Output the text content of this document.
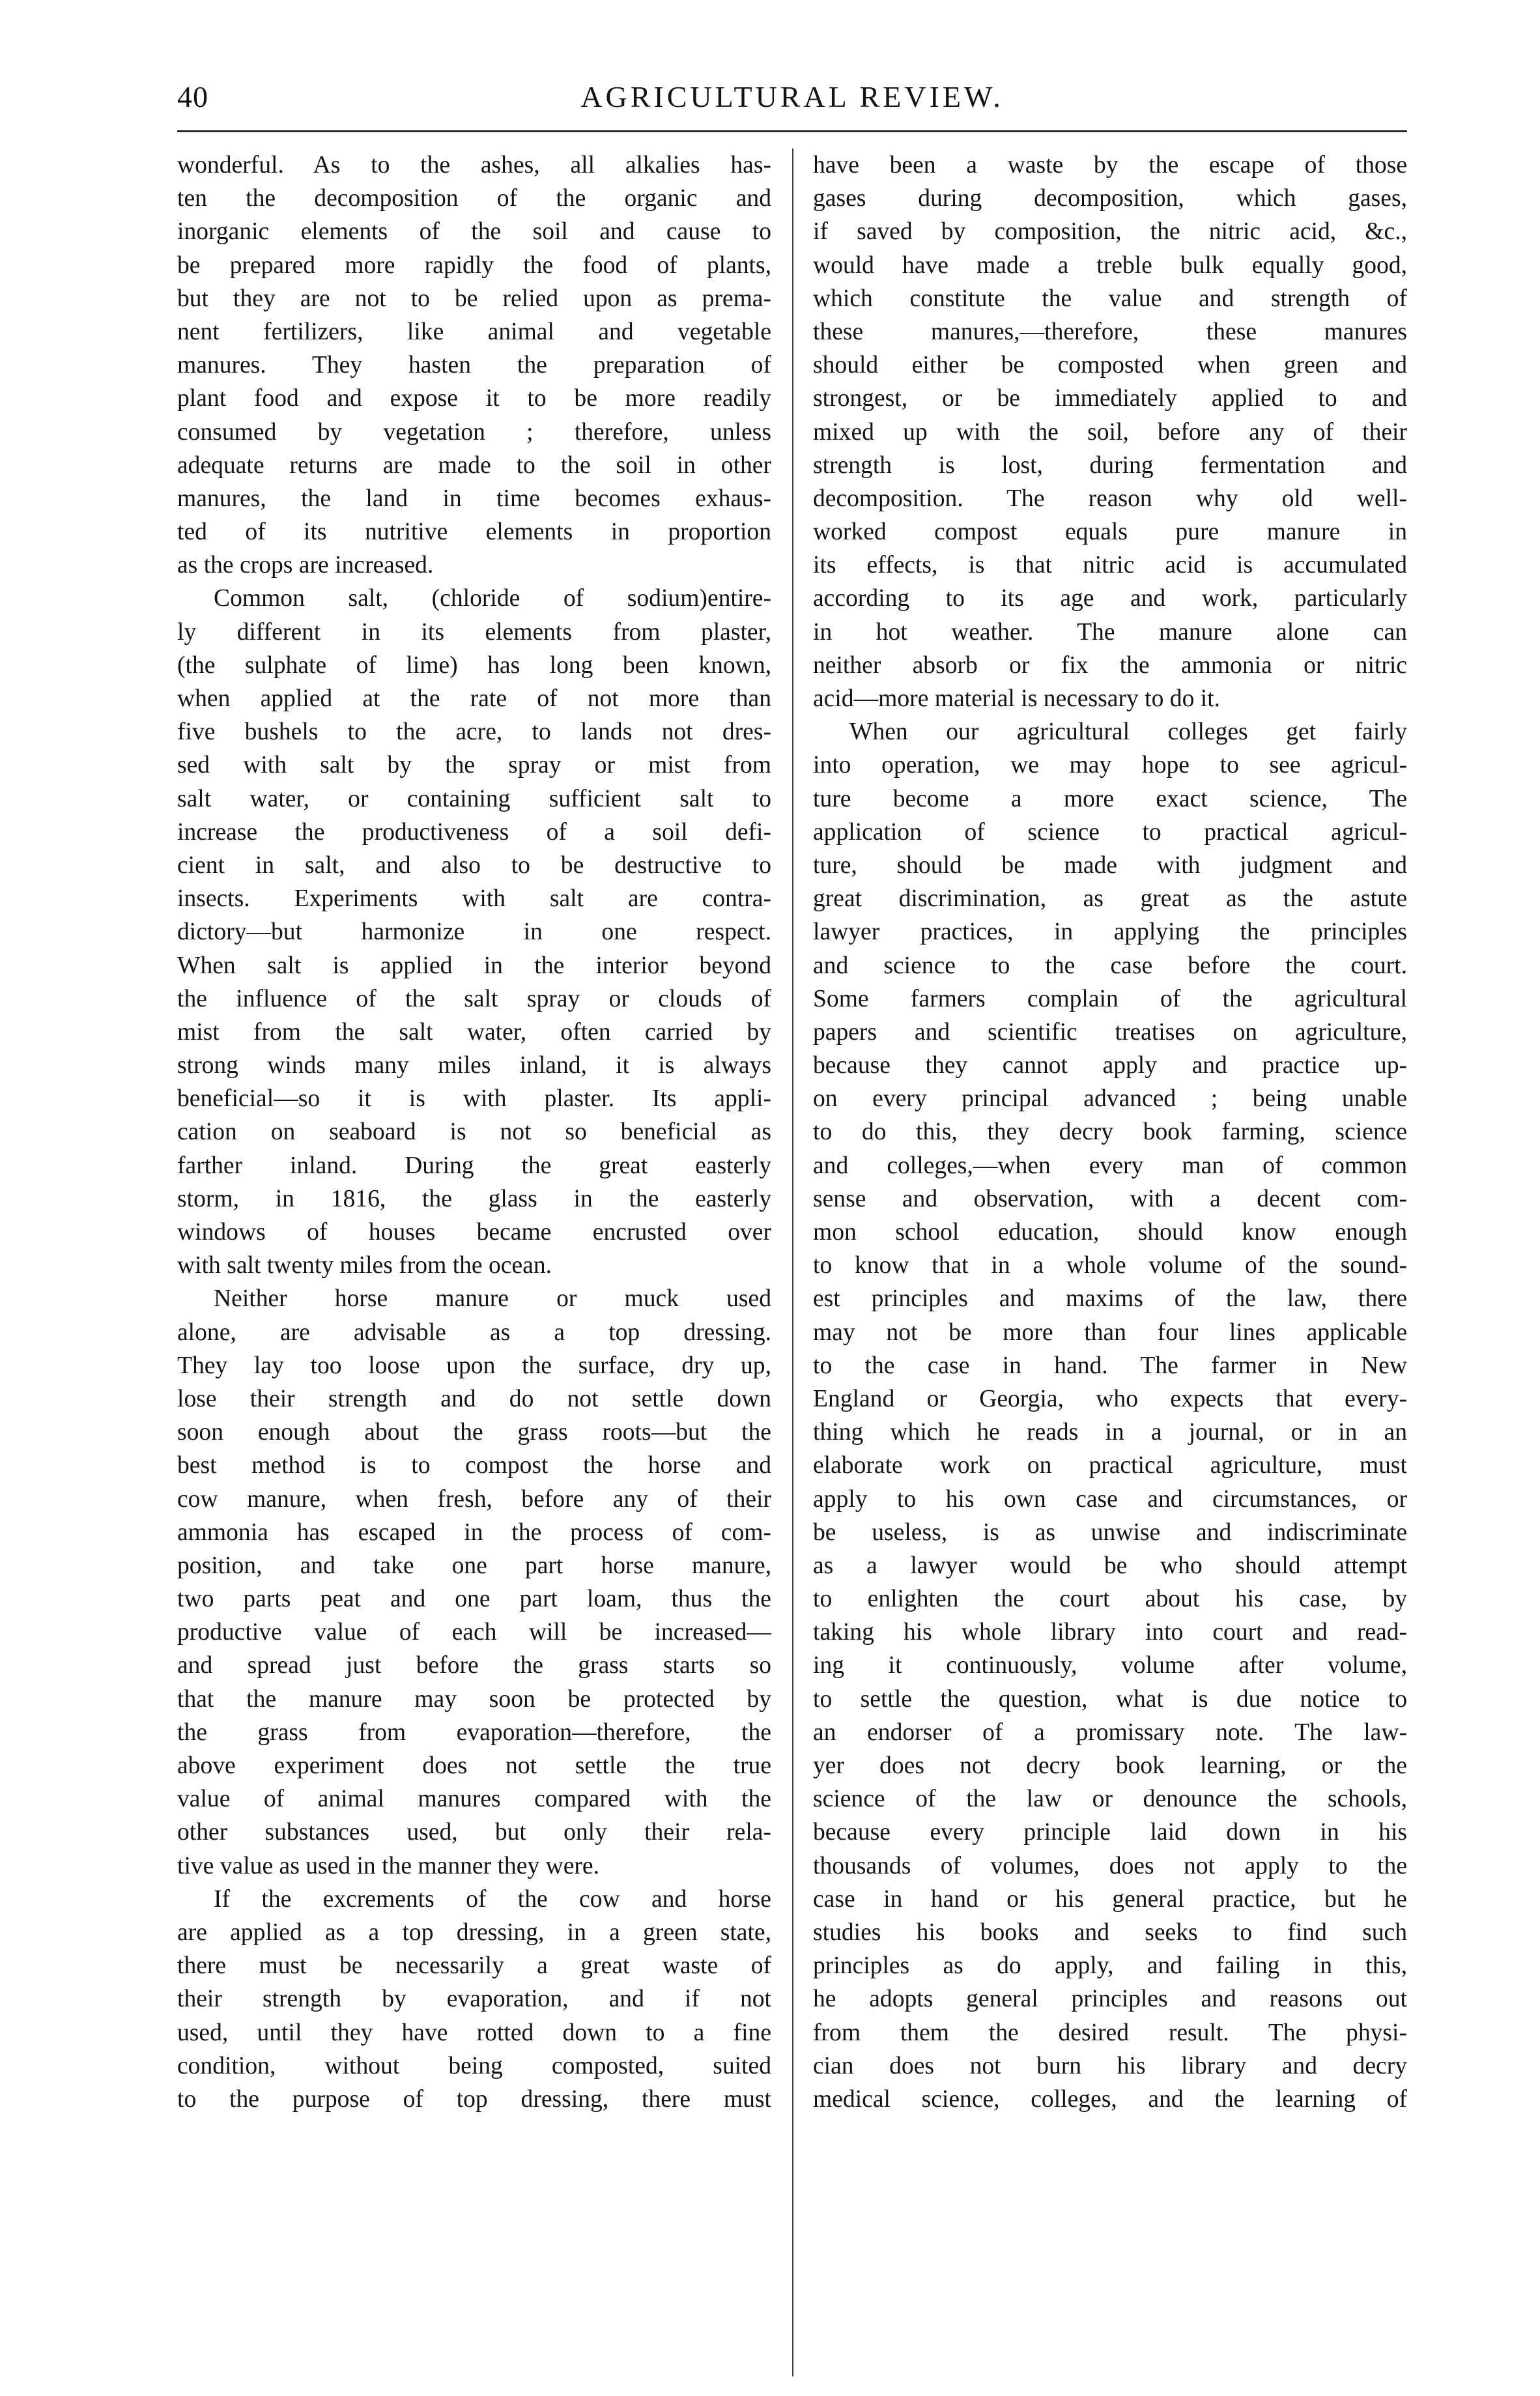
40	AGRICULTURAL REVIEW.
wonderful. As to the ashes, all alkalies has-
ten the decomposition of the organic and
inorganic elements of the soil and cause to
be prepared more rapidly the food of plants,
but they are not to be relied upon as prema-
nent fertilizers, like animal and vegetable
manures. They hasten the preparation of
plant food and expose it to be more readily
consumed by vegetation ; therefore, unless
adequate returns are made to the soil in other
manures, the land in time becomes exhaus-
ted of its nutritive elements in proportion
as the crops are increased.
Common salt, (chloride of sodium)entire-
ly different in its elements from plaster,
(the sulphate of lime) has long been known,
when applied at the rate of not more than
five bushels to the acre, to lands not dres-
sed with salt by the spray or mist from
salt water, or containing sufficient salt to
increase the productiveness of a soil defi-
cient in salt, and also to be destructive to
insects. Experiments with salt are contra-
dictory—but harmonize in one respect.
When salt is applied in the interior beyond
the influence of the salt spray or clouds of
mist from the salt water, often carried by
strong winds many miles inland, it is always
beneficial—so it is with plaster. Its appli-
cation on seaboard is not so beneficial as
farther inland. During the great easterly
storm, in 1816, the glass in the easterly
windows of houses became encrusted over
with salt twenty miles from the ocean.
Neither horse manure or muck used
alone, are advisable as a top dressing.
They lay too loose upon the surface, dry up,
lose their strength and do not settle down
soon enough about the grass roots—but the
best method is to compost the horse and
cow manure, when fresh, before any of their
ammonia has escaped in the process of com-
position, and take one part horse manure,
two parts peat and one part loam, thus the
productive value of each will be increased—
and spread just before the grass starts so
that the manure may soon be protected by
the grass from evaporation—therefore, the
above experiment does not settle the true
value of animal manures compared with the
other substances used, but only their rela-
tive value as used in the manner they were.
If the excrements of the cow and horse
are applied as a top dressing, in a green state,
there must be necessarily a great waste of
their strength by evaporation, and if not
used, until they have rotted down to a fine
condition, without being composted, suited
to the purpose of top dressing, there must
have been a waste by the escape of those
gases during decomposition, which gases,
if saved by composition, the nitric acid, &c.,
would have made a treble bulk equally good,
which constitute the value and strength of
these manures,—therefore, these manures
should either be composted when green and
strongest, or be immediately applied to and
mixed up with the soil, before any of their
strength is lost, during fermentation and
decomposition. The reason why old well-
worked compost equals pure manure in
its effects, is that nitric acid is accumulated
according to its age and work, particularly
in hot weather. The manure alone can
neither absorb or fix the ammonia or nitric
acid—more material is necessary to do it.
When our agricultural colleges get fairly
into operation, we may hope to see agricul-
ture become a more exact science, The
application of science to practical agricul-
ture, should be made with judgment and
great discrimination, as great as the astute
lawyer practices, in applying the principles
and science to the case before the court.
Some farmers complain of the agricultural
papers and scientific treatises on agriculture,
because they cannot apply and practice up-
on every principal advanced ; being unable
to do this, they decry book farming, science
and colleges,—when every man of common
sense and observation, with a decent com-
mon school education, should know enough
to know that in a whole volume of the sound-
est principles and maxims of the law, there
may not be more than four lines applicable
to the case in hand. The farmer in New
England or Georgia, who expects that every-
thing which he reads in a journal, or in an
elaborate work on practical agriculture, must
apply to his own case and circumstances, or
be useless, is as unwise and indiscriminate
as a lawyer would be who should attempt
to enlighten the court about his case, by
taking his whole library into court and read-
ing it continuously, volume after volume,
to settle the question, what is due notice to
an endorser of a promissary note. The law-
yer does not decry book learning, or the
science of the law or denounce the schools,
because every principle laid down in his
thousands of volumes, does not apply to the
case in hand or his general practice, but he
studies his books and seeks to find such
principles as do apply, and failing in this,
he adopts general principles and reasons out
from them the desired result. The physi-
cian does not burn his library and decry
medical science, colleges, and the learning of
